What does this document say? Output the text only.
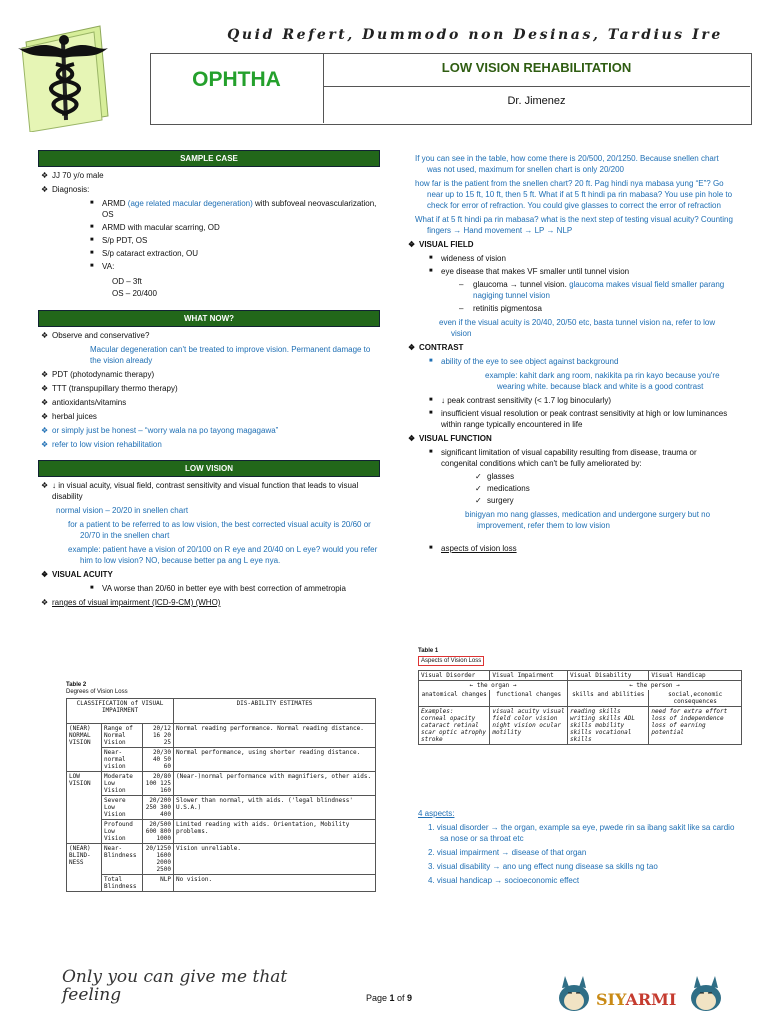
Quid Refert, Dummodo non Desinas, Tardius Ire
OPHTHA
LOW VISION REHABILITATION
Dr. Jimenez
SAMPLE CASE
❖ JJ 70 y/o male
❖ Diagnosis:
■ ARMD (age related macular degeneration) with subfoveal neovascularization, OS
■ ARMD with macular scarring, OD
■ S/p PDT, OS
■ S/p cataract extraction, OU
■ VA:
OD – 3ft
OS – 20/400
WHAT NOW?
❖ Observe and conservative?
Macular degeneration can't be treated to improve vision. Permanent damage to the vision already
❖ PDT (photodynamic therapy)
❖ TTT (transpupillary thermo therapy)
❖ antioxidants/vitamins
❖ herbal juices
❖ or simply just be honest – “worry wala na po tayong magagawa”
❖ refer to low vision rehabilitation
LOW VISION
❖ ↓ in visual acuity, visual field, contrast sensitivity and visual function that leads to visual disability
normal vision – 20/20 in snellen chart
for a patient to be referred to as low vision, the best corrected visual acuity is 20/60 or 20/70 in the snellen chart
example: patient have a vision of 20/100 on R eye and 20/40 on L eye? would you refer him to low vision? NO, because better pa ang L eye nya.
❖ VISUAL ACUITY
■ VA worse than 20/60 in better eye with best correction of ammetropia
❖ ranges of visual impairment (ICD-9-CM) (WHO)
Table 2
Degrees of Vision Loss
CLASSIFICATION of VISUAL IMPAIRMENT			DIS-ABILITY ESTIMATES
(NEAR) NORMAL VISION	Range of Normal Vision	20/12 16 20 25	Normal reading performance. Normal reading distance.
	Near-normal vision	20/30 40 50 60	Normal performance, using shorter reading distance.
LOW VISION	Moderate Low Vision	20/80 100 125 160	(Near-)normal performance with magnifiers, other aids.
	Severe Low Vision	20/200 250 300 400	Slower than normal, with aids. ('legal blindness' U.S.A.)
	Profound Low Vision	20/500 600 800 1000	Limited reading with aids. Orientation, Mobility problems.
(NEAR) BLIND-NESS	Near-Blindness	20/1250 1600 2000 2500	Vision unreliable.
	Total Blindness	NLP	No vision.
If you can see in the table, how come there is 20/500, 20/1250. Because snellen chart was not used, maximum for snellen chart is only 20/200
how far is the patient from the snellen chart? 20 ft. Pag hindi nya mabasa yung “E”? Go near up to 15 ft, 10 ft, then 5 ft. What if at 5 ft hindi pa rin mabasa? You use pin hole to check for error of refraction. You could give glasses to correct the error of refraction
What if at 5 ft hindi pa rin mabasa? what is the next step of testing visual acuity? Counting fingers → Hand movement → LP → NLP
❖ VISUAL FIELD
■ wideness of vision
■ eye disease that makes VF smaller until tunnel vision
– glaucoma → tunnel vision. glaucoma makes visual field smaller parang nagiging tunnel vision
– retinitis pigmentosa
even if the visual acuity is 20/40, 20/50 etc, basta tunnel vision na, refer to low vision
❖ CONTRAST
■ ability of the eye to see object against background
example: kahit dark ang room, nakikita pa rin kayo because you're wearing white. because black and white is a good contrast
■ ↓ peak contrast sensitivity (< 1.7 log binocularly)
■ insufficient visual resolution or peak contrast sensitivity at high or low luminances within range typically encountered in life
❖ VISUAL FUNCTION
■ significant limitation of visual capability resulting from disease, trauma or congenital conditions which can't be fully ameliorated by:
✓ glasses
✓ medications
✓ surgery
binigyan mo nang glasses, medication and undergone surgery but no improvement, refer them to low vision
■ aspects of vision loss
Table 1
Aspects of Vision Loss
Visual Disorder	Visual Impairment	Visual Disability	Visual Handicap
← the organ →		← the person →	
anatomical changes	functional changes	skills and abilities	social,economic consequences
Examples:
corneal opacity cataract retinal scar optic atrophy stroke	visual acuity visual field color vision night vision ocular motility	reading skills writing skills ADL skills mobility skills vocational skills	need for extra effort loss of independence loss of earning potential
4 aspects:
1. visual disorder → the organ, example sa eye, pwede rin sa ibang sakit like sa cardio sa nose or sa throat etc
2. visual impairment → disease of that organ
3. visual disability → ano ung effect nung disease sa skills ng tao
4. visual handicap → socioeconomic effect
Only you can give me that feeling	Page 1 of 9	SIYARMI
